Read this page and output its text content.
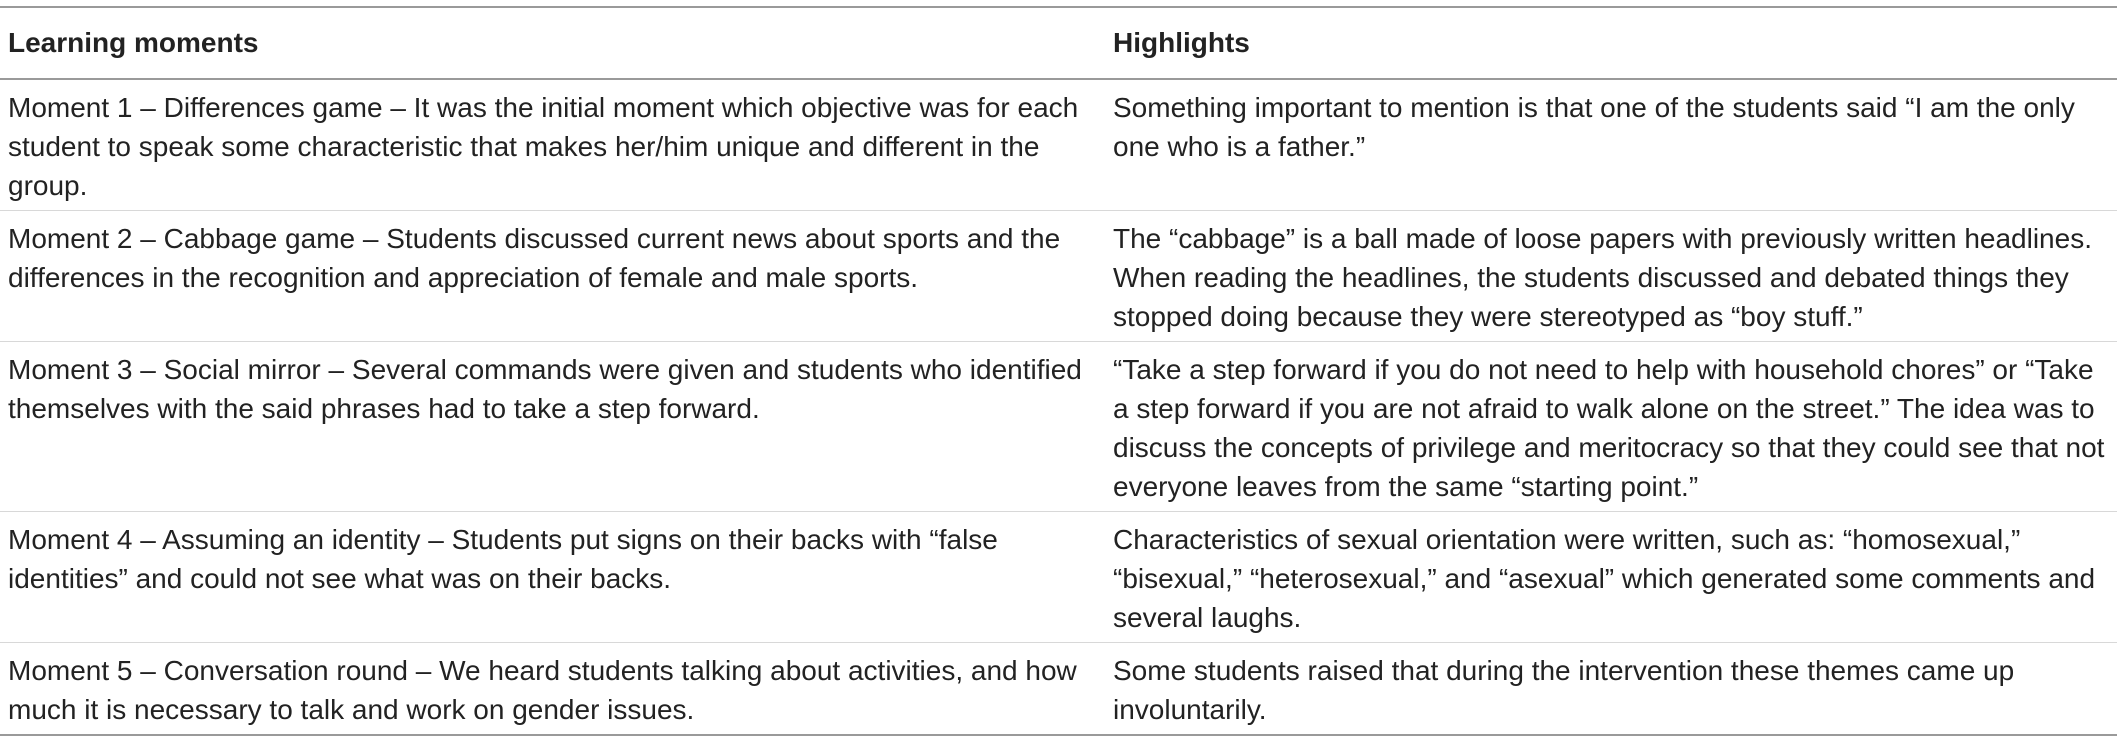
Learning moments	Highlights
Moment 1 – Differences game – It was the initial moment which objective was for each student to speak some characteristic that makes her/him unique and different in the group.	Something important to mention is that one of the students said “I am the only one who is a father.”
Moment 2 – Cabbage game – Students discussed current news about sports and the differences in the recognition and appreciation of female and male sports.	The “cabbage” is a ball made of loose papers with previously written headlines. When reading the headlines, the students discussed and debated things they stopped doing because they were stereotyped as “boy stuff.”
Moment 3 – Social mirror – Several commands were given and students who identified themselves with the said phrases had to take a step forward.	“Take a step forward if you do not need to help with household chores” or “Take a step forward if you are not afraid to walk alone on the street.” The idea was to discuss the concepts of privilege and meritocracy so that they could see that not everyone leaves from the same “starting point.”
Moment 4 – Assuming an identity – Students put signs on their backs with “false identities” and could not see what was on their backs.	Characteristics of sexual orientation were written, such as: “homosexual,” “bisexual,” “heterosexual,” and “asexual” which generated some comments and several laughs.
Moment 5 – Conversation round – We heard students talking about activities, and how much it is necessary to talk and work on gender issues.	Some students raised that during the intervention these themes came up involuntarily.
